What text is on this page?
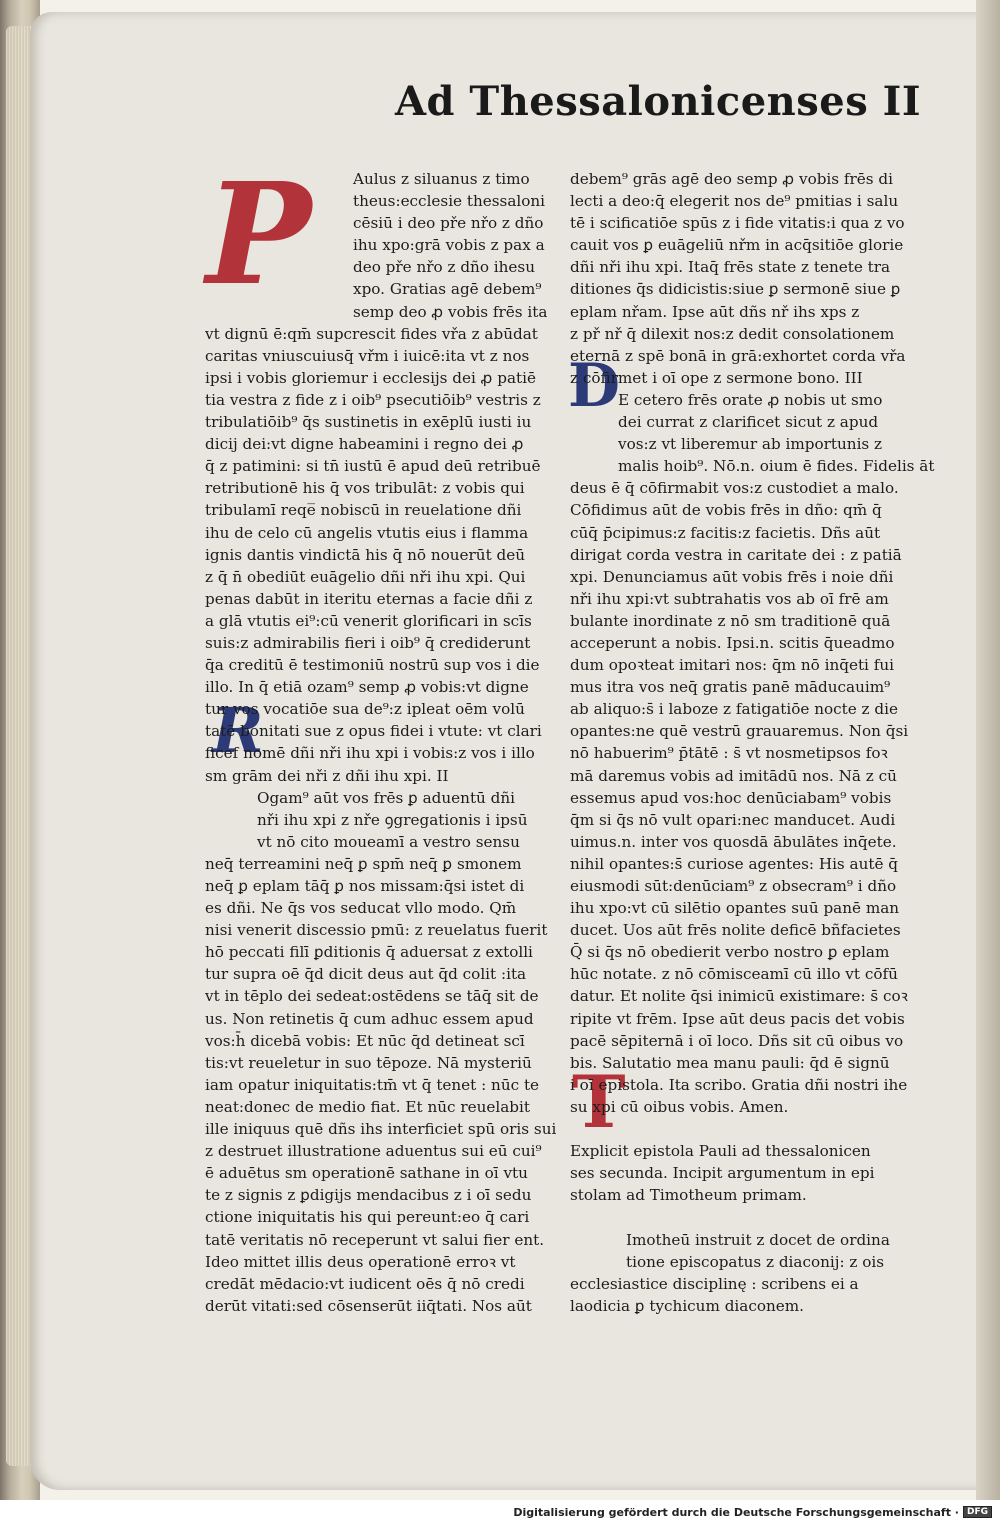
Ad Thessalonicenses II
P
R
D
T
Aulus z siluanus z timo
theus:ecclesie thessaloni
cēsiū i deo pře nřo z dño
ihu xpo:grā vobis z pax a
deo pře nřo z dño ihesu
xpo. Gratias agē debem⁹
semp deo ꝓ vobis frēs ita
vt dignū ē:qm̄ supcrescit fides vřa z abūdat
caritas vniuscuiusq̄ vřm i iuicē:ita vt z nos
ipsi i vobis gloriemur i ecclesijs dei ꝓ patiē
tia vestra z fide z i oib⁹ psecutiōib⁹ vestris z
tribulatiōib⁹ q̄s sustinetis in exēplū iusti iu
dicij dei:vt digne habeamini i regno dei ꝓ
q̄ z patimini: si tn̄ iustū ē apud deū retribuē
retributionē his q̄ vos tribulāt: z vobis qui
tribulamī reqe̅ nobiscū in reuelatione dñi
ihu de celo cū angelis vtutis eius i flamma
ignis dantis vindictā his q̄ nō nouerūt deū
z q̄ n̄ obediūt euāgelio dñi nři ihu xpi. Qui
penas dabūt in iteritu eternas a facie dñi z
a glā vtutis ei⁹:cū venerit glorificari in scīs
suis:z admirabilis fieri i oib⁹ q̄ crediderunt
q̄a creditū ē testimoniū nostrū sup vos i die
illo. In q̄ etiā ozam⁹ semp ꝓ vobis:vt digne
tur vos vocatiōe sua de⁹:z ipleat oēm volū
tatē bonitati sue z opus fidei i vtute: vt clari
ficef nomē dñi nři ihu xpi i vobis:z vos i illo
sm grām dei nři z dñi ihu xpi. II
Ogam⁹ aūt vos frēs ꝑ aduentū dñi
nři ihu xpi z nře ꝯgregationis i ipsū
vt nō cito moueamī a vestro sensu
neq̄ terreamini neq̄ ꝑ spm̄ neq̄ ꝑ smonem
neq̄ ꝑ eplam tāq̄ ꝑ nos missam:q̄si istet di
es dñi. Ne q̄s vos seducat vllo modo. Qm̄
nisi venerit discessio pmū: z reuelatus fuerit
hō peccati filī ꝑditionis q̄ aduersat z extolli
tur supra oē q̄d dicit deus aut q̄d colit :ita
vt in tēplo dei sedeat:ostēdens se tāq̄ sit de
us. Non retinetis q̄ cum adhuc essem apud
vos:h̄ dicebā vobis: Et nūc q̄d detineat scī
tis:vt reueletur in suo tēpoze. Nā mysteriū
iam opatur iniquitatis:tm̄ vt q̄ tenet : nūc te
neat:donec de medio fiat. Et nūc reuelabit
ille iniquus quē dñs ihs interficiet spū oris sui
z destruet illustratione aduentus sui eū cui⁹
ē aduētus sm operationē sathane in oī vtu
te z signis z ꝑdigijs mendacibus z i oī sedu
ctione iniquitatis his qui pereunt:eo q̄ cari
tatē veritatis nō receperunt vt salui fier ent.
Ideo mittet illis deus operationē erroꝛ vt
credāt mēdacio:vt iudicent oēs q̄ nō credi
derūt vitati:sed cōsenserūt iiq̄tati. Nos aūt
debem⁹ grās agē deo semp ꝓ vobis frēs di
lecti a deo:q̄ elegerit nos de⁹ pmitias i salu
tē i scificatiōe spūs z i fide vitatis:i qua z vo
cauit vos ꝑ euāgeliū nřm in acq̄sitiōe glorie
dñi nři ihu xpi. Itaq̄ frēs state z tenete tra
ditiones q̄s didicistis:siue ꝑ sermonē siue ꝑ
eplam nřam. Ipse aūt dñs nř ihs xps z
z př nř q̄ dilexit nos:z dedit consolationem
eternā z spē bonā in grā:exhortet corda vřa
z cōfirmet i oī ope z sermone bono. III
E cetero frēs orate ꝓ nobis ut smo
dei currat z clarificet sicut z apud
vos:z vt liberemur ab importunis z
malis hoib⁹. Nō.n. oium ē fides. Fidelis āt
deus ē q̄ cōfirmabit vos:z custodiet a malo.
Cōfidimus aūt de vobis frēs in dño: qm̄ q̄
cūq̄ p̄cipimus:z facitis:z facietis. Dñs aūt
dirigat corda vestra in caritate dei : z patiā
xpi. Denunciamus aūt vobis frēs i noie dñi
nři ihu xpi:vt subtrahatis vos ab oī frē am
bulante inordinate z nō sm traditionē quā
acceperunt a nobis. Ipsi.n. scitis q̄ueadmo
dum opoꝛteat imitari nos: q̄m nō inq̄eti fui
mus itra vos neq̄ gratis panē māducauim⁹
ab aliquo:s̄ i laboze z fatigatiōe nocte z die
opantes:ne quē vestrū grauaremus. Non q̄si
nō habuerim⁹ p̄tātē : s̄ vt nosmetipsos foꝛ
mā daremus vobis ad imitādū nos. Nā z cū
essemus apud vos:hoc denūciabam⁹ vobis
q̄m si q̄s nō vult opari:nec manducet. Audi
uimus.n. inter vos quosdā ābulātes inq̄ete.
nihil opantes:s̄ curiose agentes: His autē q̄
eiusmodi sūt:denūciam⁹ z obsecram⁹ i dño
ihu xpo:vt cū silētio opantes suū panē man
ducet. Uos aūt frēs nolite deficē bñfacietes
Q̄ si q̄s nō obedierit verbo nostro ꝑ eplam
hūc notate. z nō cōmisceamī cū illo vt cōfū
datur. Et nolite q̄si inimicū existimare: s̄ coꝛ
ripite vt frēm. Ipse aūt deus pacis det vobis
pacē sēpiternā i oī loco. Dñs sit cū oibus vo
bis. Salutatio mea manu pauli: q̄d ē signū
i oī epistola. Ita scribo. Gratia dñi nostri ihe
su xpi cū oibus vobis. Amen.
Explicit epistola Pauli ad thessalonicen
ses secunda. Incipit argumentum in epi
stolam ad Timotheum primam.
Imotheū instruit z docet de ordina
tione episcopatus z diaconij: z ois
ecclesiastice disciplinę : scribens ei a
laodicia ꝑ tychicum diaconem.
Digitalisierung gefördert durch die Deutsche Forschungsgemeinschaft · DFG
